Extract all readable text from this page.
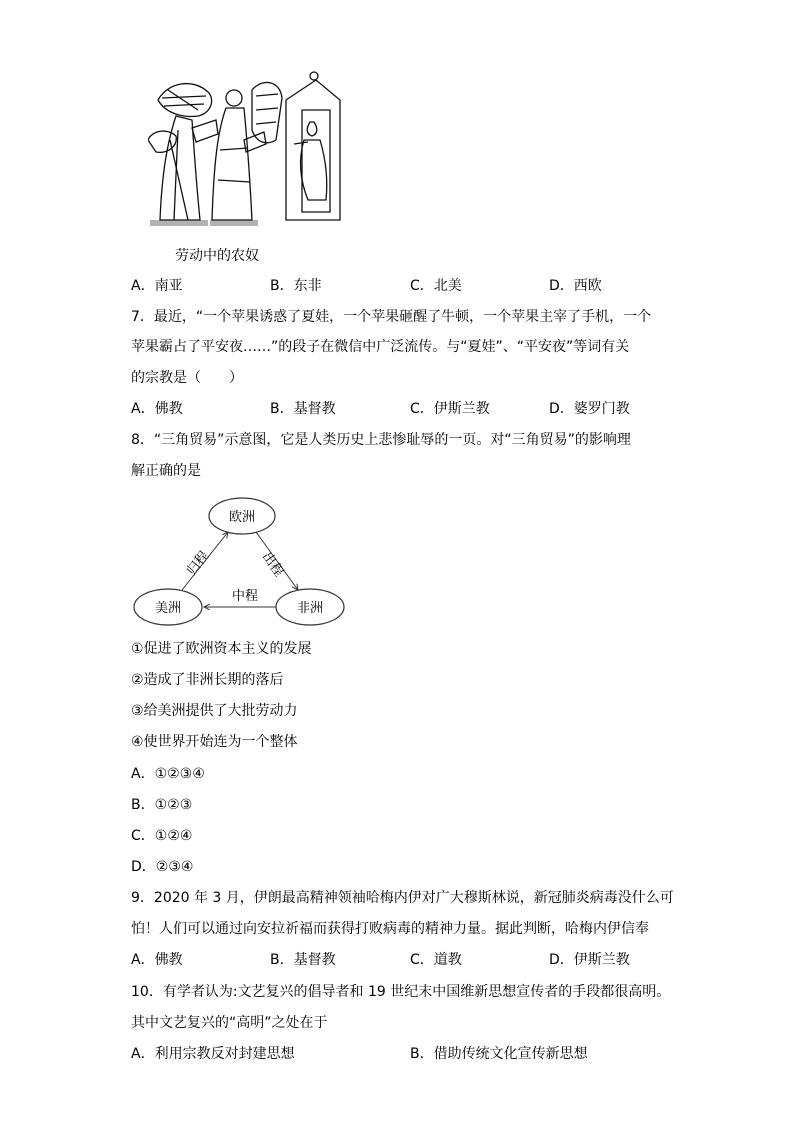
劳动中的农奴
A．南亚	B．东非	C．北美	D．西欧
7．最近，“一个苹果诱惑了夏娃，一个苹果砸醒了牛顿，一个苹果主宰了手机，一个
苹果霸占了平安夜……”的段子在微信中广泛流传。与“夏娃”、“平安夜”等词有关
的宗教是（　　）
A．佛教	B．基督教	C．伊斯兰教	D．婆罗门教
8．“三角贸易”示意图，它是人类历史上悲惨耻辱的一页。对“三角贸易”的影响理
解正确的是
欧洲
美洲	非洲
归程	出程
中程
①促进了欧洲资本主义的发展
②造成了非洲长期的落后
③给美洲提供了大批劳动力
④使世界开始连为一个整体
A．①②③④
B．①②③
C．①②④
D．②③④
9．2020 年 3 月，伊朗最高精神领袖哈梅内伊对广大穆斯林说，新冠肺炎病毒没什么可
怕！人们可以通过向安拉祈福而获得打败病毒的精神力量。据此判断，哈梅内伊信奉
A．佛教	B．基督教	C．道教	D．伊斯兰教
10．有学者认为:文艺复兴的倡导者和 19 世纪末中国维新思想宣传者的手段都很高明。
其中文艺复兴的“高明”之处在于
A．利用宗教反对封建思想	B．借助传统文化宣传新思想
